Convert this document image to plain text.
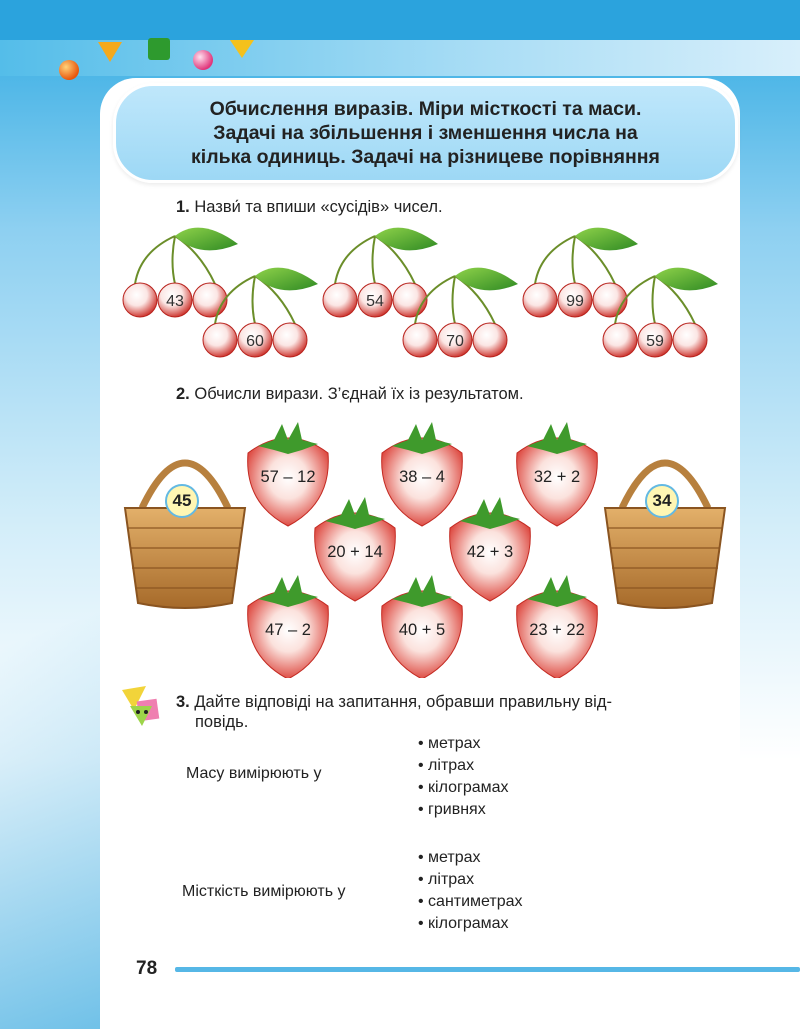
Обчислення виразів. Міри місткості та маси.
Задачі на збільшення і зменшення числа на
кілька одиниць. Задачі на різницеве порівняння
1. Назви́ та впиши «сусідів» чисел.
43
60
54
70
99
59
2. Обчисли вирази. З’єднай їх із результатом.
57 – 12	38 – 4	32 + 2
20 + 14	42 + 3
47 – 2	40 + 5	23 + 22
45	34
3. Дайте відповіді на запитання, обравши правильну від-
повідь.
Масу вимірюють у
• метрах
• літрах
• кілограмах
• гривнях
Місткість вимірюють у
• метрах
• літрах
• сантиметрах
• кілограмах
78
